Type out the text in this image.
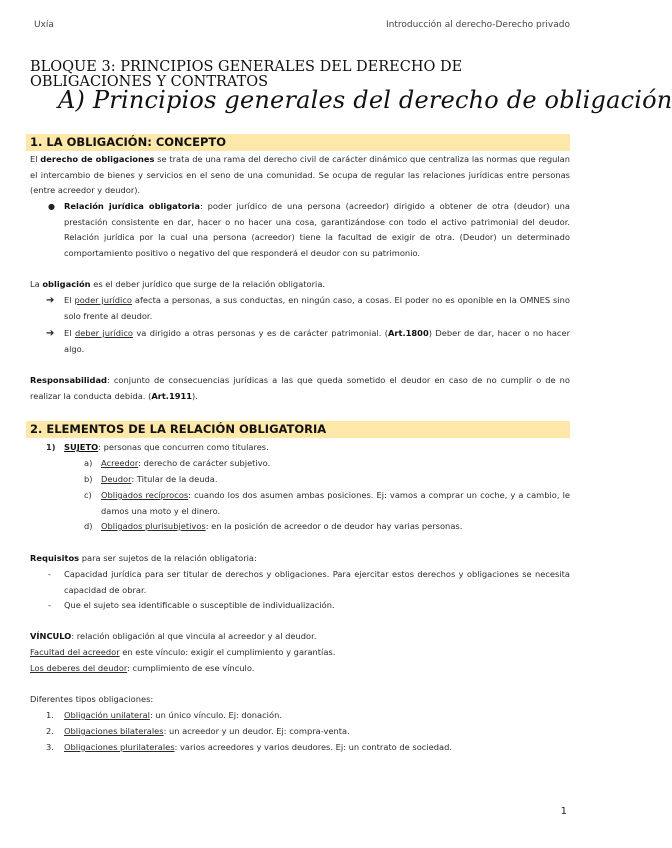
Uxía	Introducción al derecho-Derecho privado
BLOQUE 3: PRINCIPIOS GENERALES DEL DERECHO DE OBLIGACIONES Y CONTRATOS
A) Principios generales del derecho de obligación
1. LA OBLIGACIÓN: CONCEPTO
El derecho de obligaciones se trata de una rama del derecho civil de carácter dinámico que centraliza las normas que regulan el intercambio de bienes y servicios en el seno de una comunidad. Se ocupa de regular las relaciones jurídicas entre personas (entre acreedor y deudor).
● Relación jurídica obligatoria: poder jurídico de una persona (acreedor) dirigido a obtener de otra (deudor) una prestación consistente en dar, hacer o no hacer una cosa, garantizándose con todo el activo patrimonial del deudor. Relación jurídica por la cual una persona (acreedor) tiene la facultad de exigir de otra. (Deudor) un determinado comportamiento positivo o negativo del que responderá el deudor con su patrimonio.
La obligación es el deber jurídico que surge de la relación obligatoria.
➔ El poder jurídico afecta a personas, a sus conductas, en ningún caso, a cosas. El poder no es oponible en la OMNES sino solo frente al deudor.
➔ El deber jurídico va dirigido a otras personas y es de carácter patrimonial. (Art.1800) Deber de dar, hacer o no hacer algo.
Responsabilidad: conjunto de consecuencias jurídicas a las que queda sometido el deudor en caso de no cumplir o de no realizar la conducta debida. (Art.1911).
2. ELEMENTOS DE LA RELACIÓN OBLIGATORIA
1) SUJETO: personas que concurren como titulares.
a) Acreedor: derecho de carácter subjetivo.
b) Deudor: Titular de la deuda.
c) Obligados recíprocos: cuando los dos asumen ambas posiciones. Ej: vamos a comprar un coche, y a cambio, le damos una moto y el dinero.
d) Obligados plurisubjetivos: en la posición de acreedor o de deudor hay varias personas.
Requisitos para ser sujetos de la relación obligatoria:
- Capacidad jurídica para ser titular de derechos y obligaciones. Para ejercitar estos derechos y obligaciones se necesita capacidad de obrar.
- Que el sujeto sea identificable o susceptible de individualización.
VÍNCULO: relación obligación al que vincula al acreedor y al deudor.
Facultad del acreedor en este vínculo: exigir el cumplimiento y garantías.
Los deberes del deudor: cumplimiento de ese vínculo.
Diferentes tipos obligaciones:
1. Obligación unilateral: un único vínculo. Ej: donación.
2. Obligaciones bilaterales: un acreedor y un deudor. Ej: compra-venta.
3. Obligaciones plurilaterales: varios acreedores y varios deudores. Ej: un contrato de sociedad.
1
